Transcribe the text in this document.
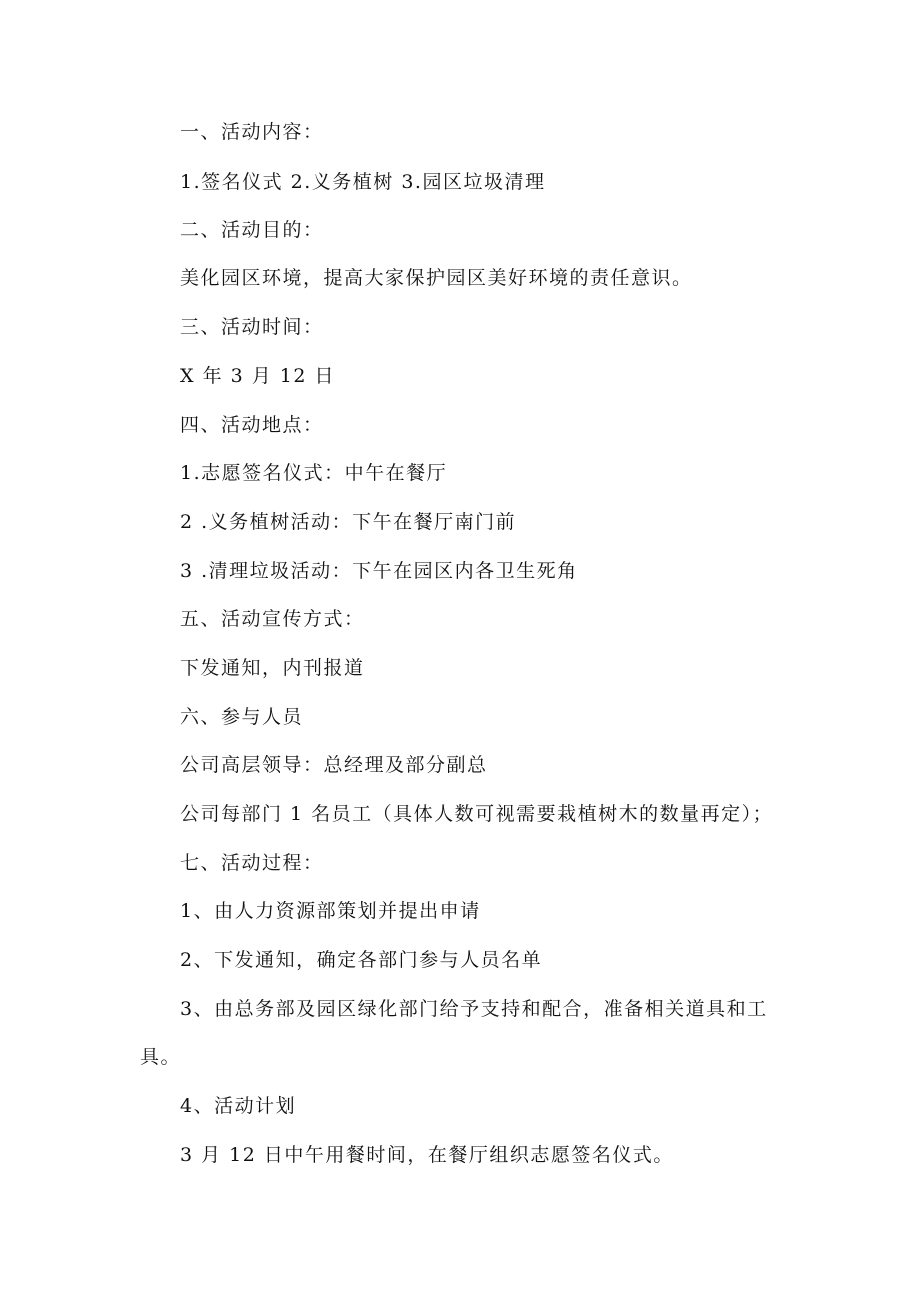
一、活动内容：
1.签名仪式 2.义务植树 3.园区垃圾清理
二、活动目的：
美化园区环境，提高大家保护园区美好环境的责任意识。
三、活动时间：
X 年 3 月 12 日
四、活动地点：
1.志愿签名仪式：中午在餐厅
2 .义务植树活动：下午在餐厅南门前
3 .清理垃圾活动：下午在园区内各卫生死角
五、活动宣传方式：
下发通知，内刊报道
六、参与人员
公司高层领导：总经理及部分副总
公司每部门 1 名员工（具体人数可视需要栽植树木的数量再定）；
七、活动过程：
1、由人力资源部策划并提出申请
2、下发通知，确定各部门参与人员名单
3、由总务部及园区绿化部门给予支持和配合，准备相关道具和工
具。
4、活动计划
3 月 12 日中午用餐时间，在餐厅组织志愿签名仪式。
